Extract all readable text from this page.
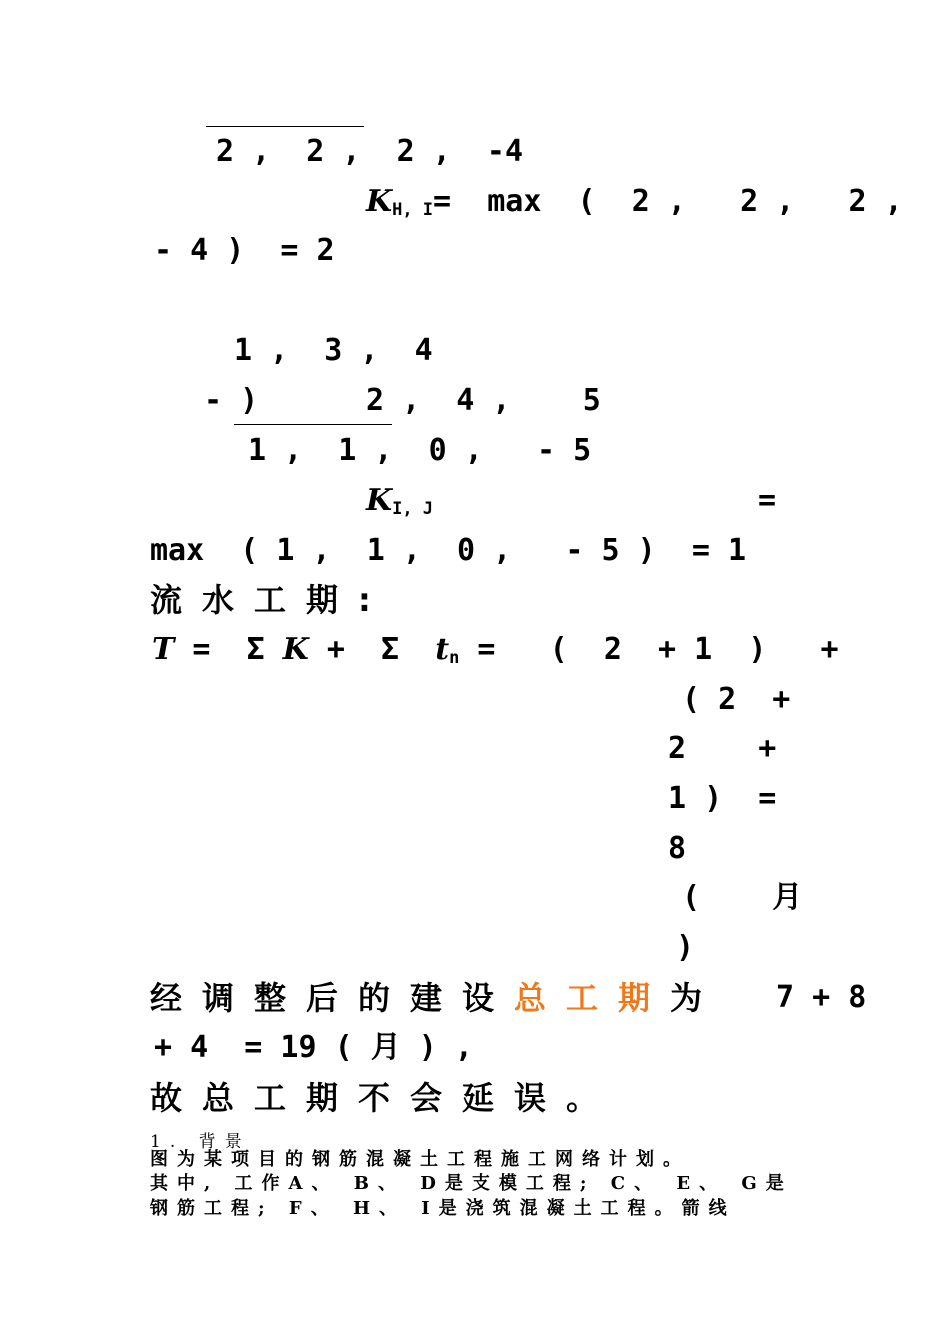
2 ,  2 ,  2 ,  -4
$K_{H, I}= \max$  (  2 ,   2 ,   2 ,
- 4 )  = 2
1 ,  3 ,  4
- )	2 ,  4 ,    5
1 ,  1 ,  0 ,   - 5
$K_{I, J}$	=
max  ( 1 ,  1 ,  0 ,   - 5 )  = 1
流水工期:
T =  Σ K +  Σ  $t_n$ =   (  2  + 1  )   +
( 2  +
2    +
1 )  =
8
(    月
)
经调整后的建设总工期为 7 + 8
+ 4  = 19 ( 月 ) ,
故总工期不会延误。
1. 背景
图为某项目的钢筋混凝土工程施工网络计划。
其中, 工作A、 B、 D是支模工程; C、 E、 G是
钢筋工程; F、 H、 I是浇筑混凝土工程。箭线
